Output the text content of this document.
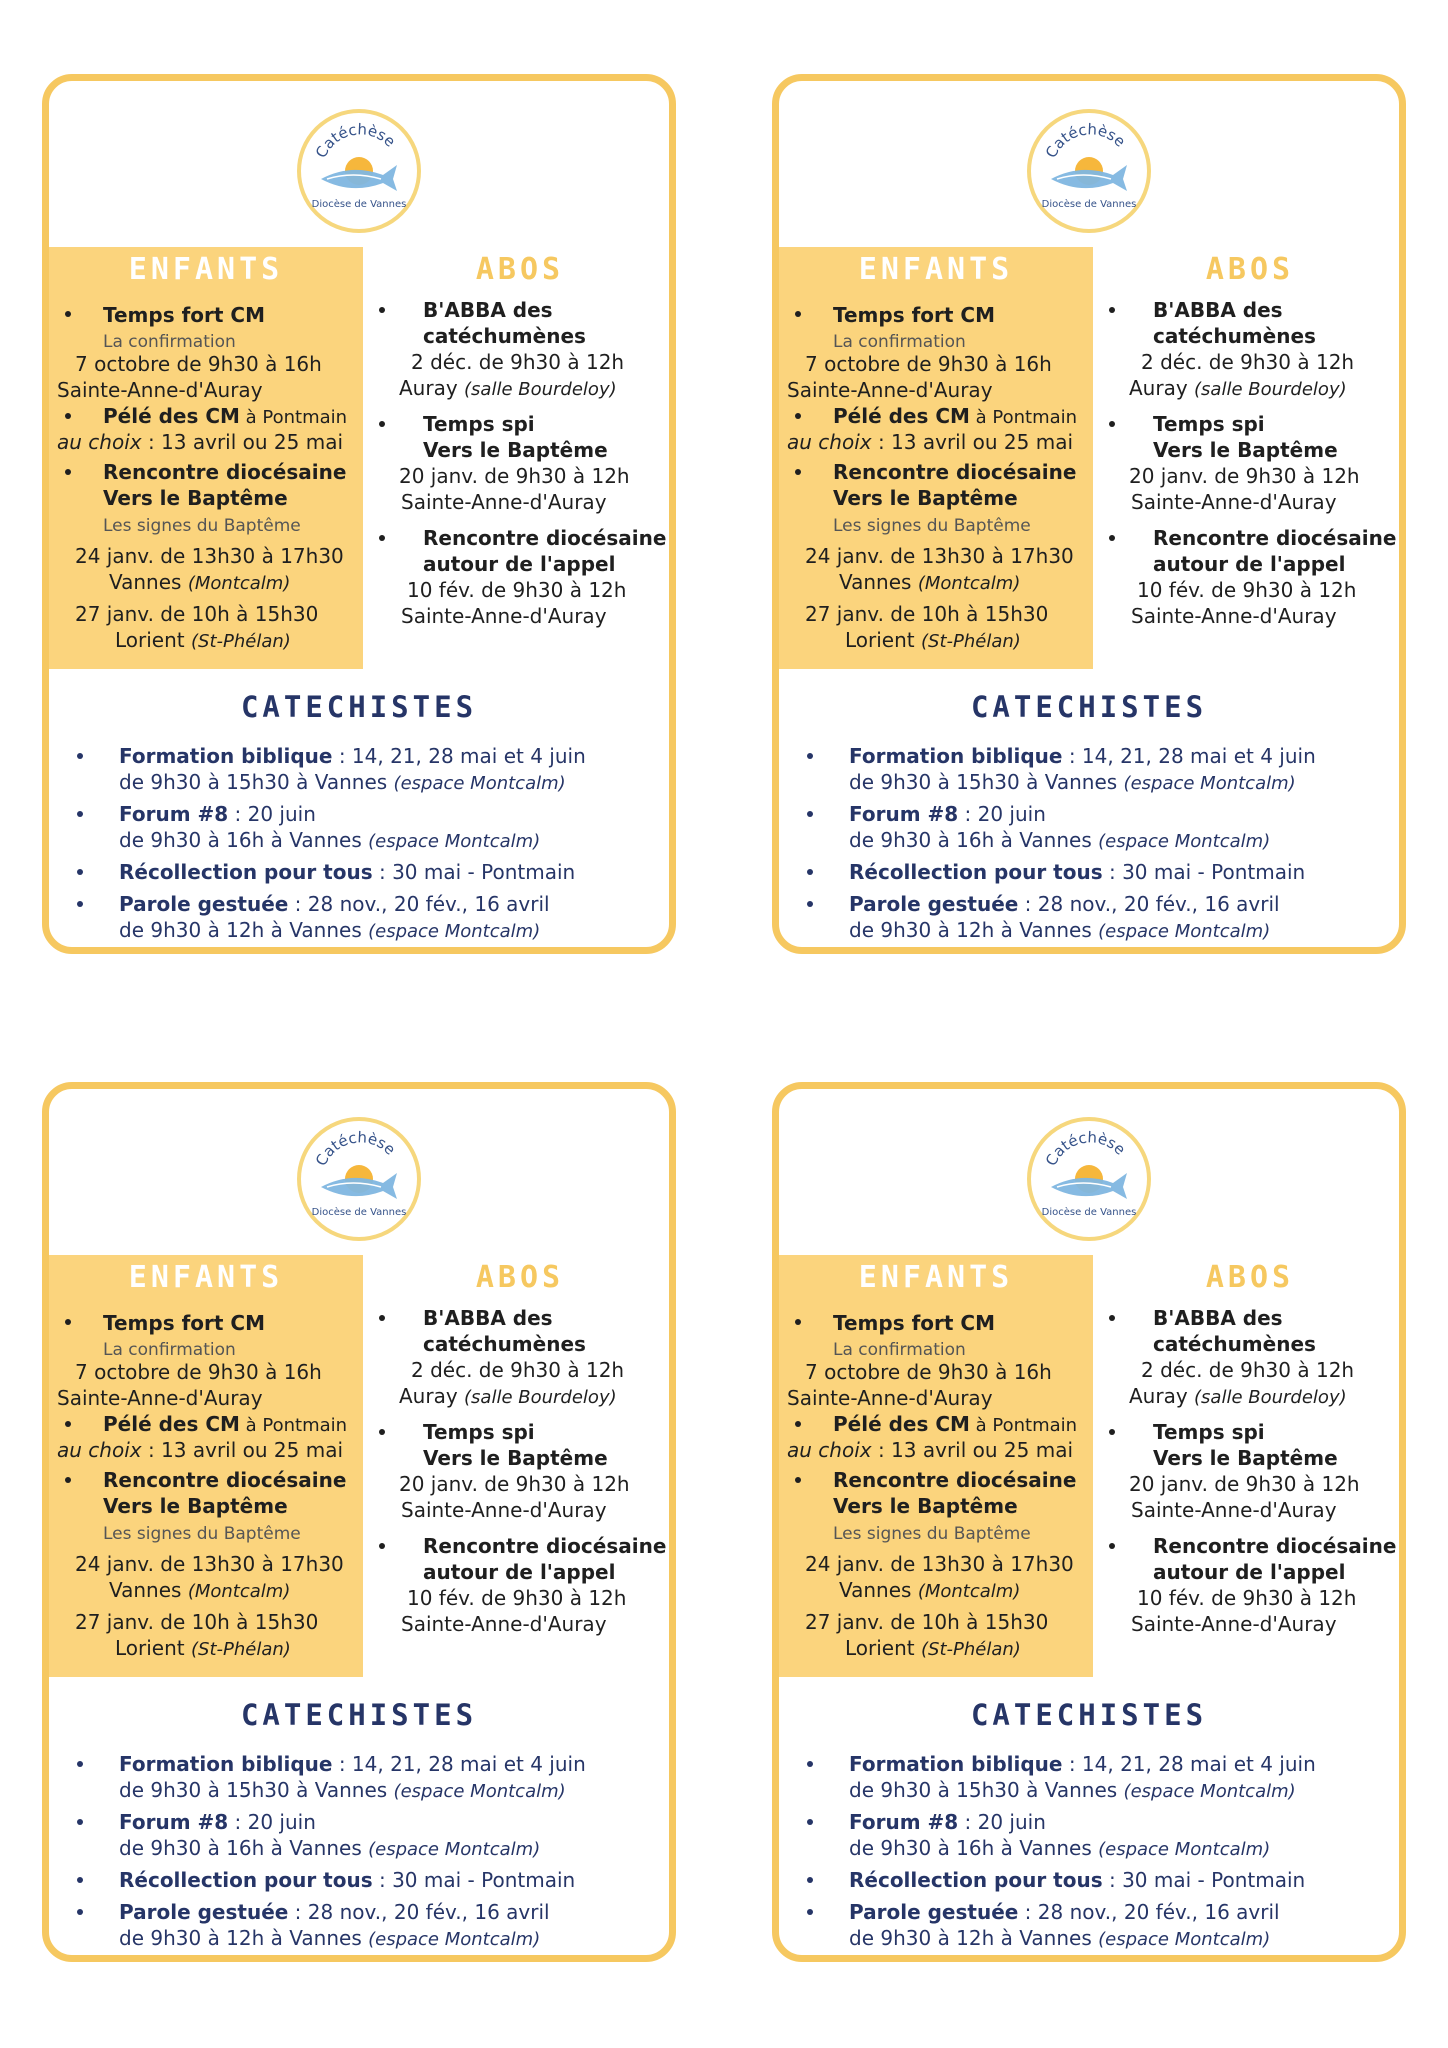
Catéchèse
Diocèse de Vannes
ENFANTS	ABOS
Temps fort CM
La confirmation
7 octobre de 9h30 à 16h
Sainte-Anne-d'Auray
Pélé des CM à Pontmain
au choix : 13 avril ou 25 mai
Rencontre diocésaine
Vers le Baptême
Les signes du Baptême
24 janv. de 13h30 à 17h30
Vannes (Montcalm)
27 janv. de 10h à 15h30
Lorient (St-Phélan)
B'ABBA des
catéchumènes
2 déc. de 9h30 à 12h
Auray (salle Bourdeloy)
Temps spi
Vers le Baptême
20 janv. de 9h30 à 12h
Sainte-Anne-d'Auray
Rencontre diocésaine
autour de l'appel
10 fév. de 9h30 à 12h
Sainte-Anne-d'Auray
CATECHISTES
Formation biblique : 14, 21, 28 mai et 4 juin
de 9h30 à 15h30 à Vannes (espace Montcalm)
Forum #8 : 20 juin
de 9h30 à 16h à Vannes (espace Montcalm)
Récollection pour tous : 30 mai - Pontmain
Parole gestuée : 28 nov., 20 fév., 16 avril
de 9h30 à 12h à Vannes (espace Montcalm)
Catéchèse
Diocèse de Vannes
ENFANTS	ABOS
Temps fort CM
La confirmation
7 octobre de 9h30 à 16h
Sainte-Anne-d'Auray
Pélé des CM à Pontmain
au choix : 13 avril ou 25 mai
Rencontre diocésaine
Vers le Baptême
Les signes du Baptême
24 janv. de 13h30 à 17h30
Vannes (Montcalm)
27 janv. de 10h à 15h30
Lorient (St-Phélan)
B'ABBA des
catéchumènes
2 déc. de 9h30 à 12h
Auray (salle Bourdeloy)
Temps spi
Vers le Baptême
20 janv. de 9h30 à 12h
Sainte-Anne-d'Auray
Rencontre diocésaine
autour de l'appel
10 fév. de 9h30 à 12h
Sainte-Anne-d'Auray
CATECHISTES
Formation biblique : 14, 21, 28 mai et 4 juin
de 9h30 à 15h30 à Vannes (espace Montcalm)
Forum #8 : 20 juin
de 9h30 à 16h à Vannes (espace Montcalm)
Récollection pour tous : 30 mai - Pontmain
Parole gestuée : 28 nov., 20 fév., 16 avril
de 9h30 à 12h à Vannes (espace Montcalm)
Catéchèse
Diocèse de Vannes
ENFANTS	ABOS
Temps fort CM
La confirmation
7 octobre de 9h30 à 16h
Sainte-Anne-d'Auray
Pélé des CM à Pontmain
au choix : 13 avril ou 25 mai
Rencontre diocésaine
Vers le Baptême
Les signes du Baptême
24 janv. de 13h30 à 17h30
Vannes (Montcalm)
27 janv. de 10h à 15h30
Lorient (St-Phélan)
B'ABBA des
catéchumènes
2 déc. de 9h30 à 12h
Auray (salle Bourdeloy)
Temps spi
Vers le Baptême
20 janv. de 9h30 à 12h
Sainte-Anne-d'Auray
Rencontre diocésaine
autour de l'appel
10 fév. de 9h30 à 12h
Sainte-Anne-d'Auray
CATECHISTES
Formation biblique : 14, 21, 28 mai et 4 juin
de 9h30 à 15h30 à Vannes (espace Montcalm)
Forum #8 : 20 juin
de 9h30 à 16h à Vannes (espace Montcalm)
Récollection pour tous : 30 mai - Pontmain
Parole gestuée : 28 nov., 20 fév., 16 avril
de 9h30 à 12h à Vannes (espace Montcalm)
Catéchèse
Diocèse de Vannes
ENFANTS	ABOS
Temps fort CM
La confirmation
7 octobre de 9h30 à 16h
Sainte-Anne-d'Auray
Pélé des CM à Pontmain
au choix : 13 avril ou 25 mai
Rencontre diocésaine
Vers le Baptême
Les signes du Baptême
24 janv. de 13h30 à 17h30
Vannes (Montcalm)
27 janv. de 10h à 15h30
Lorient (St-Phélan)
B'ABBA des
catéchumènes
2 déc. de 9h30 à 12h
Auray (salle Bourdeloy)
Temps spi
Vers le Baptême
20 janv. de 9h30 à 12h
Sainte-Anne-d'Auray
Rencontre diocésaine
autour de l'appel
10 fév. de 9h30 à 12h
Sainte-Anne-d'Auray
CATECHISTES
Formation biblique : 14, 21, 28 mai et 4 juin
de 9h30 à 15h30 à Vannes (espace Montcalm)
Forum #8 : 20 juin
de 9h30 à 16h à Vannes (espace Montcalm)
Récollection pour tous : 30 mai - Pontmain
Parole gestuée : 28 nov., 20 fév., 16 avril
de 9h30 à 12h à Vannes (espace Montcalm)
